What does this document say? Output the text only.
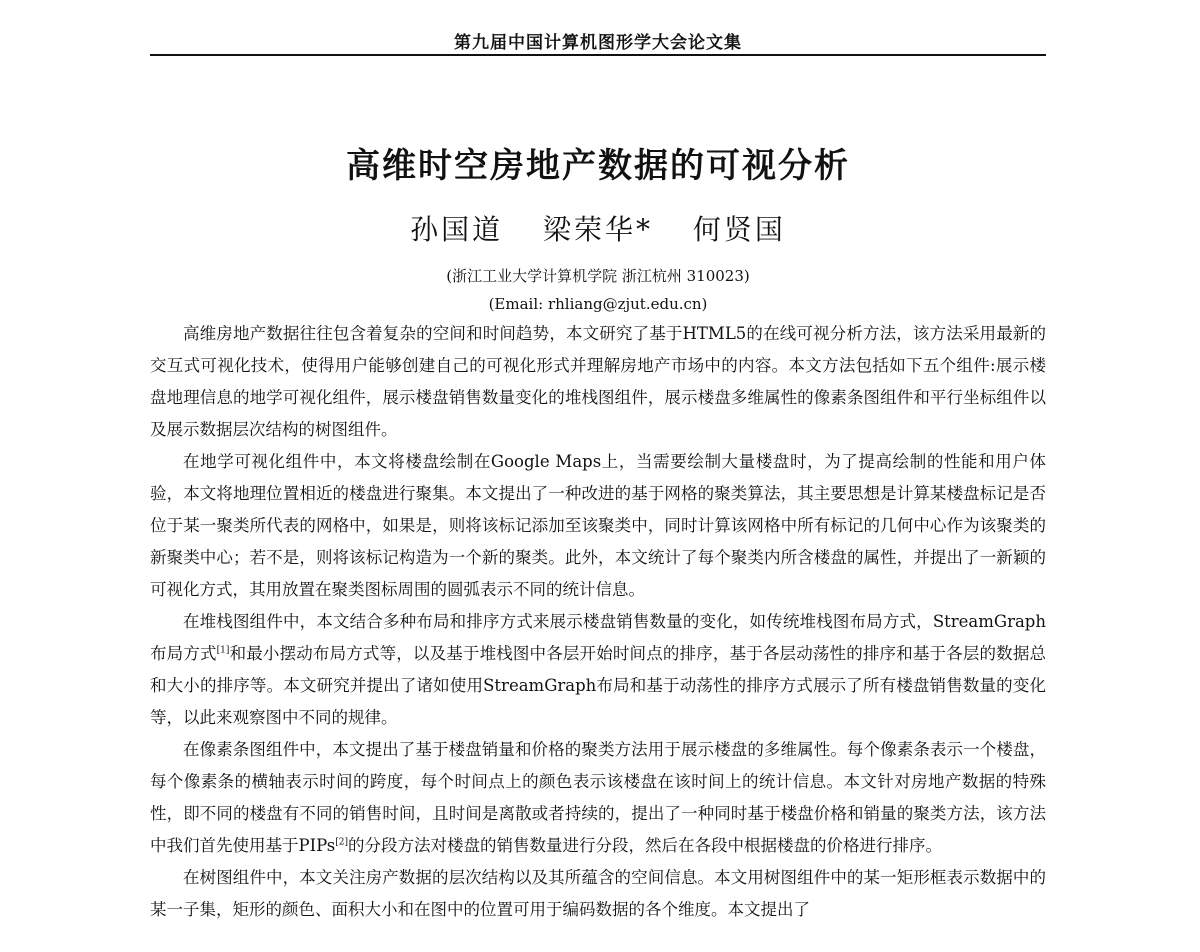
第九届中国计算机图形学大会论文集
高维时空房地产数据的可视分析
孙国道 梁荣华* 何贤国
(浙江工业大学计算机学院 浙江杭州 310023)
(Email: rhliang@zjut.edu.cn)

高维房地产数据往往包含着复杂的空间和时间趋势，本文研究了基于HTML5的在线可视分析方法，该方法采用最新的交互式可视化技术，使得用户能够创建自己的可视化形式并理解房地产市场中的内容。本文方法包括如下五个组件:展示楼盘地理信息的地学可视化组件，展示楼盘销售数量变化的堆栈图组件，展示楼盘多维属性的像素条图组件和平行坐标组件以及展示数据层次结构的树图组件。

在地学可视化组件中，本文将楼盘绘制在Google Maps上，当需要绘制大量楼盘时，为了提高绘制的性能和用户体验，本文将地理位置相近的楼盘进行聚集。本文提出了一种改进的基于网格的聚类算法，其主要思想是计算某楼盘标记是否位于某一聚类所代表的网格中，如果是，则将该标记添加至该聚类中，同时计算该网格中所有标记的几何中心作为该聚类的新聚类中心；若不是，则将该标记构造为一个新的聚类。此外，本文统计了每个聚类内所含楼盘的属性，并提出了一新颖的可视化方式，其用放置在聚类图标周围的圆弧表示不同的统计信息。

在堆栈图组件中，本文结合多种布局和排序方式来展示楼盘销售数量的变化，如传统堆栈图布局方式，StreamGraph布局方式[1]和最小摆动布局方式等，以及基于堆栈图中各层开始时间点的排序，基于各层动荡性的排序和基于各层的数据总和大小的排序等。本文研究并提出了诸如使用StreamGraph布局和基于动荡性的排序方式展示了所有楼盘销售数量的变化等，以此来观察图中不同的规律。

在像素条图组件中，本文提出了基于楼盘销量和价格的聚类方法用于展示楼盘的多维属性。每个像素条表示一个楼盘，每个像素条的横轴表示时间的跨度，每个时间点上的颜色表示该楼盘在该时间上的统计信息。本文针对房地产数据的特殊性，即不同的楼盘有不同的销售时间，且时间是离散或者持续的，提出了一种同时基于楼盘价格和销量的聚类方法，该方法中我们首先使用基于PIPs[2]的分段方法对楼盘的销售数量进行分段，然后在各段中根据楼盘的价格进行排序。

在树图组件中，本文关注房产数据的层次结构以及其所蕴含的空间信息。本文用树图组件中的某一矩形框表示数据中的某一子集，矩形的颜色、面积大小和在图中的位置可用于编码数据的各个维度。本文提出了
